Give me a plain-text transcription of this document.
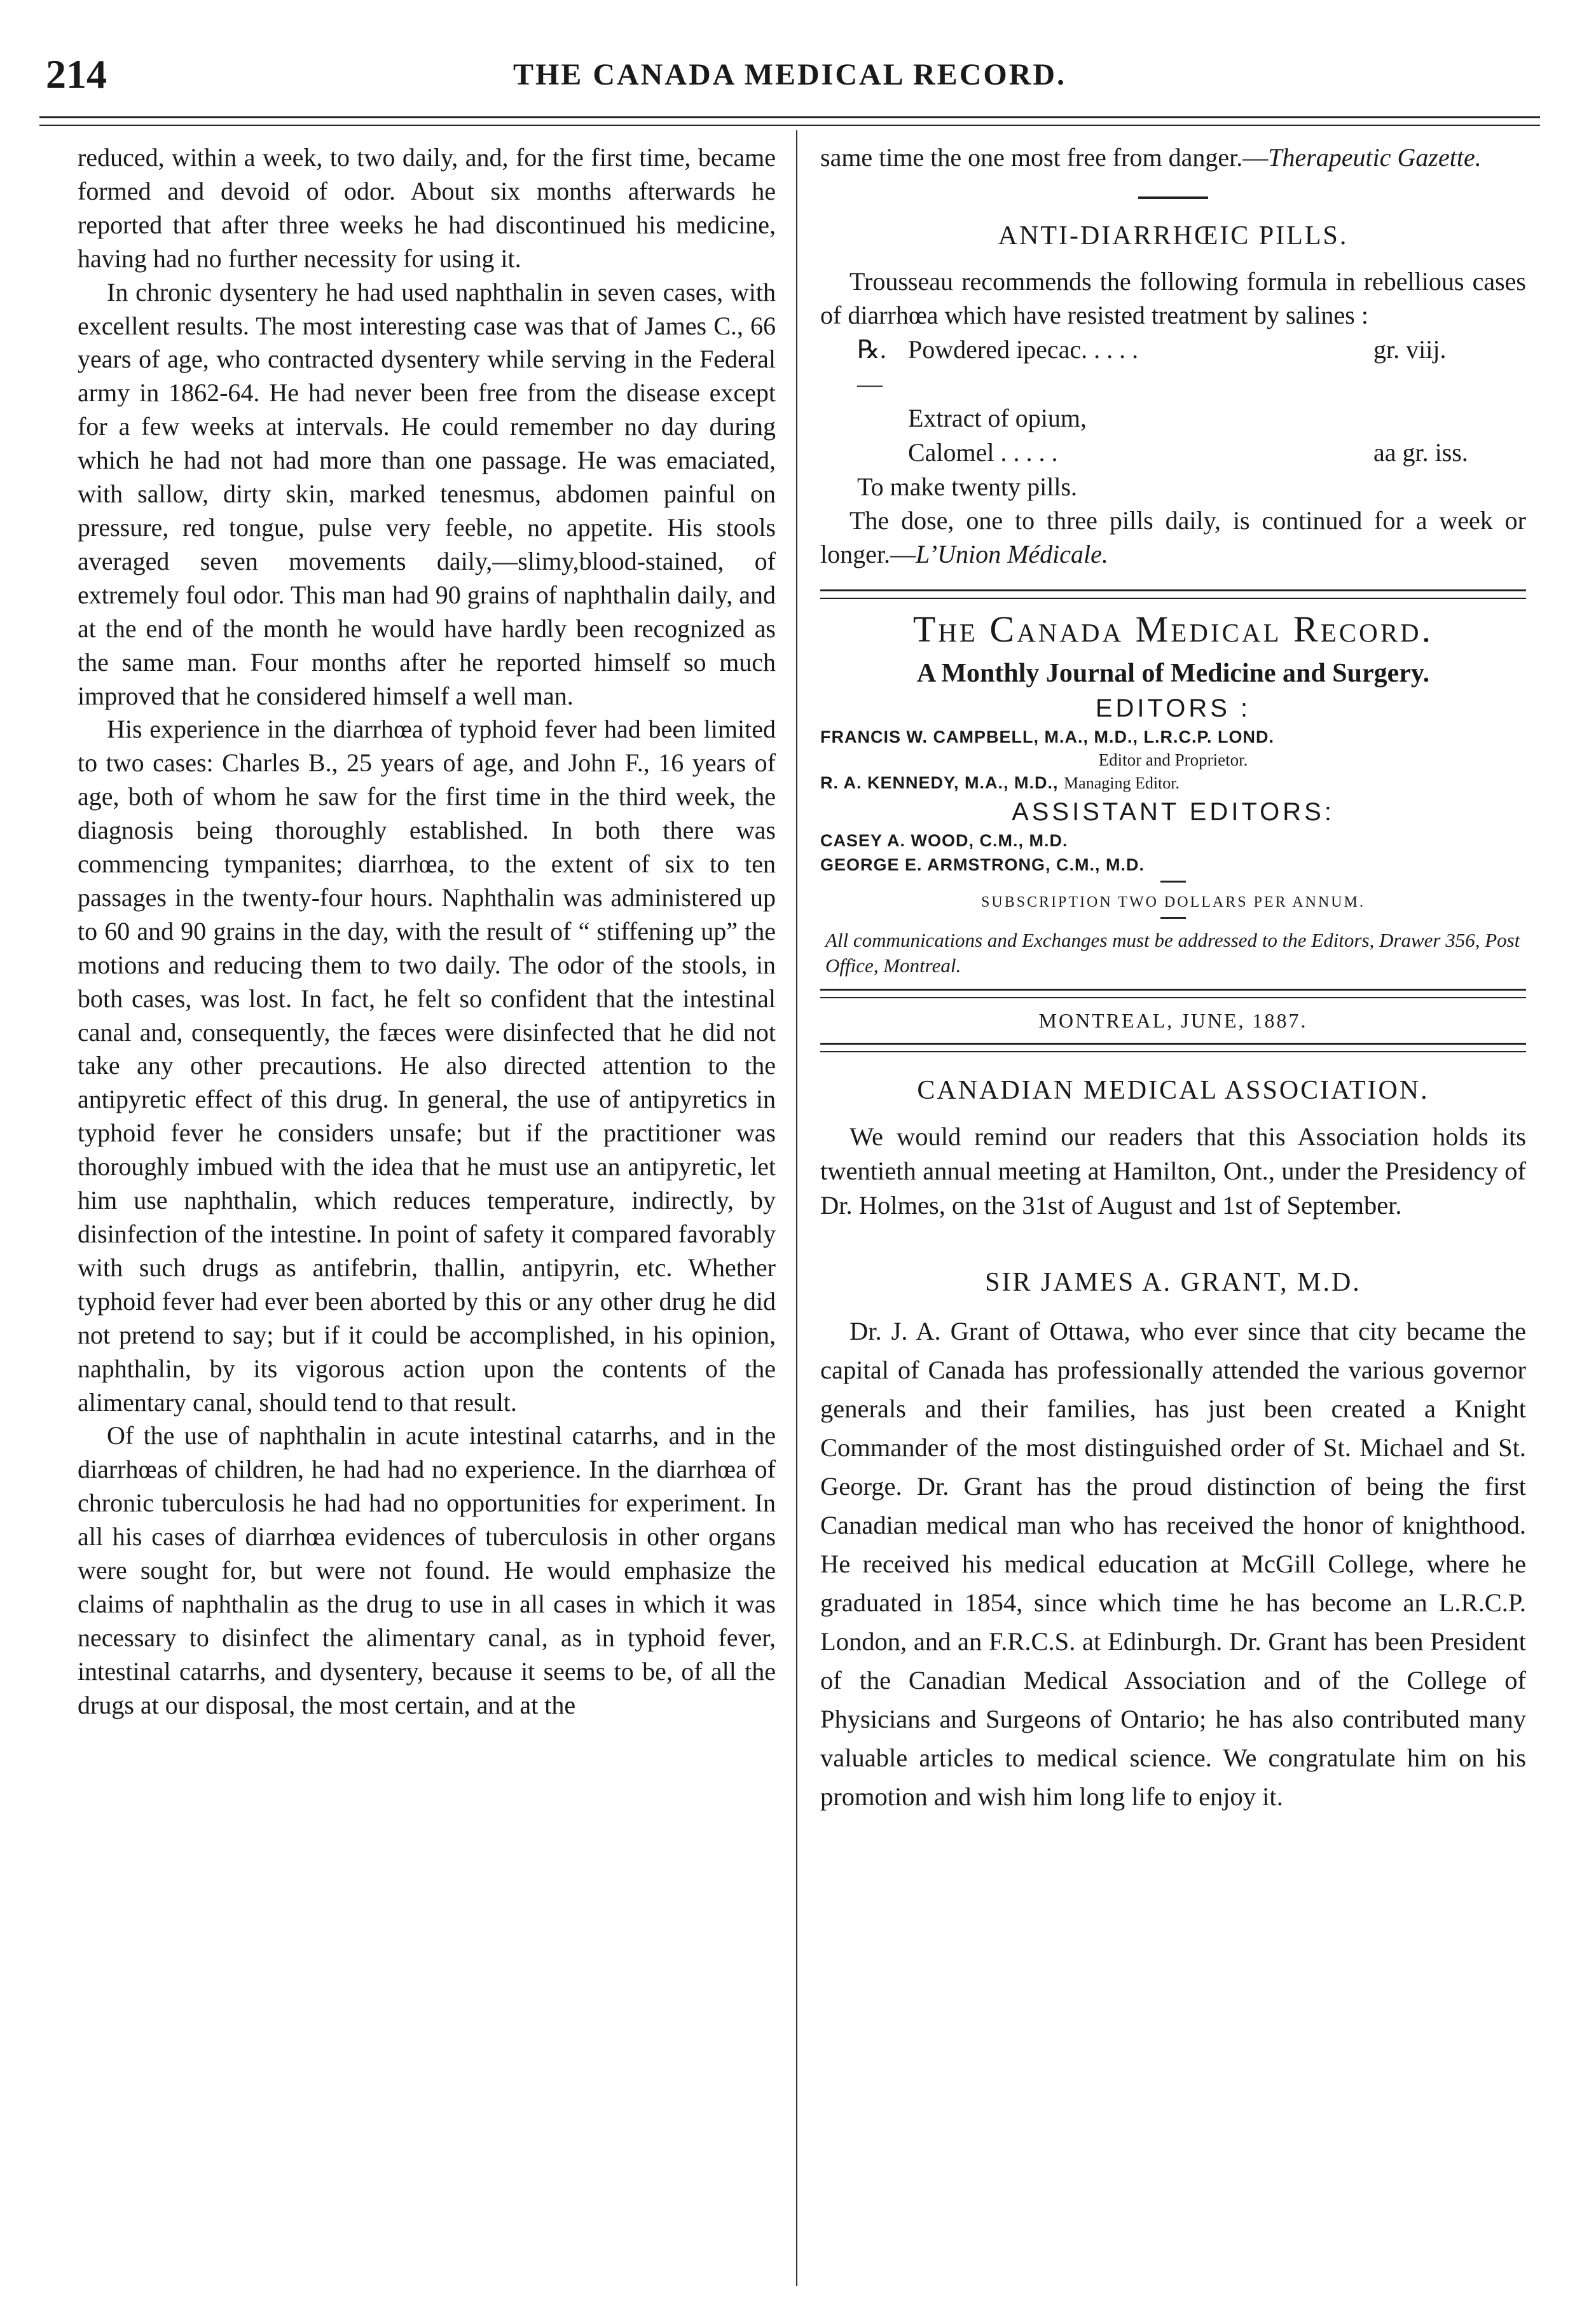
214	THE CANADA MEDICAL RECORD.

reduced, within a week, to two daily, and, for the first time, became formed and devoid of odor. About six months afterwards he reported that after three weeks he had discontinued his medicine, having had no further necessity for using it.

In chronic dysentery he had used naphthalin in seven cases, with excellent results. The most interesting case was that of James C., 66 years of age, who contracted dysentery while serving in the Federal army in 1862-64. He had never been free from the disease except for a few weeks at intervals. He could remember no day during which he had not had more than one passage. He was emaciated, with sallow, dirty skin, marked tenesmus, abdomen painful on pressure, red tongue, pulse very feeble, no appetite. His stools averaged seven movements daily,—slimy,blood-stained, of extremely foul odor. This man had 90 grains of naphthalin daily, and at the end of the month he would have hardly been recognized as the same man. Four months after he reported himself so much improved that he considered himself a well man.

His experience in the diarrhœa of typhoid fever had been limited to two cases: Charles B., 25 years of age, and John F., 16 years of age, both of whom he saw for the first time in the third week, the diagnosis being thoroughly established. In both there was commencing tympanites; diarrhœa, to the extent of six to ten passages in the twenty-four hours. Naphthalin was administered up to 60 and 90 grains in the day, with the result of “ stiffening up” the motions and reducing them to two daily. The odor of the stools, in both cases, was lost. In fact, he felt so confident that the intestinal canal and, consequently, the fæces were disinfected that he did not take any other precautions. He also directed attention to the antipyretic effect of this drug. In general, the use of antipyretics in typhoid fever he considers unsafe; but if the practitioner was thoroughly imbued with the idea that he must use an antipyretic, let him use naphthalin, which reduces temperature, indirectly, by disinfection of the intestine. In point of safety it compared favorably with such drugs as antifebrin, thallin, antipyrin, etc. Whether typhoid fever had ever been aborted by this or any other drug he did not pretend to say; but if it could be accomplished, in his opinion, naphthalin, by its vigorous action upon the contents of the alimentary canal, should tend to that result.

Of the use of naphthalin in acute intestinal catarrhs, and in the diarrhœas of children, he had had no experience. In the diarrhœa of chronic tuberculosis he had had no opportunities for experiment. In all his cases of diarrhœa evidences of tuberculosis in other organs were sought for, but were not found. He would emphasize the claims of naphthalin as the drug to use in all cases in which it was necessary to disinfect the alimentary canal, as in typhoid fever, intestinal catarrhs, and dysentery, because it seems to be, of all the drugs at our disposal, the most certain, and at the

same time the one most free from danger.—Therapeutic Gazette.

ANTI-DIARRHŒIC PILLS.

Trousseau recommends the following formula in rebellious cases of diarrhœa which have resisted treatment by salines :

℞.—
Powdered ipecac. . . . .	gr. viij.
Extract of opium,
Calomel . . . . .	aa gr. iss.
To make twenty pills.

The dose, one to three pills daily, is continued for a week or longer.—L’Union Médicale.

The Canada Medical Record.
A Monthly Journal of Medicine and Surgery.
EDITORS :
FRANCIS W. CAMPBELL, M.A., M.D., L.R.C.P. LOND.
Editor and Proprietor.
R. A. KENNEDY, M.A., M.D., Managing Editor.
ASSISTANT EDITORS:
CASEY A. WOOD, C.M., M.D.
GEORGE E. ARMSTRONG, C.M., M.D.
SUBSCRIPTION TWO DOLLARS PER ANNUM.
All communications and Exchanges must be addressed to the Editors, Drawer 356, Post Office, Montreal.
MONTREAL, JUNE, 1887.
CANADIAN MEDICAL ASSOCIATION.

We would remind our readers that this Association holds its twentieth annual meeting at Hamilton, Ont., under the Presidency of Dr. Holmes, on the 31st of August and 1st of September.

SIR JAMES A. GRANT, M.D.

Dr. J. A. Grant of Ottawa, who ever since that city became the capital of Canada has professionally attended the various governor generals and their families, has just been created a Knight Commander of the most distinguished order of St. Michael and St. George. Dr. Grant has the proud distinction of being the first Canadian medical man who has received the honor of knighthood. He received his medical education at McGill College, where he graduated in 1854, since which time he has become an L.R.C.P. London, and an F.R.C.S. at Edinburgh. Dr. Grant has been President of the Canadian Medical Association and of the College of Physicians and Surgeons of Ontario; he has also contributed many valuable articles to medical science. We congratulate him on his promotion and wish him long life to enjoy it.
